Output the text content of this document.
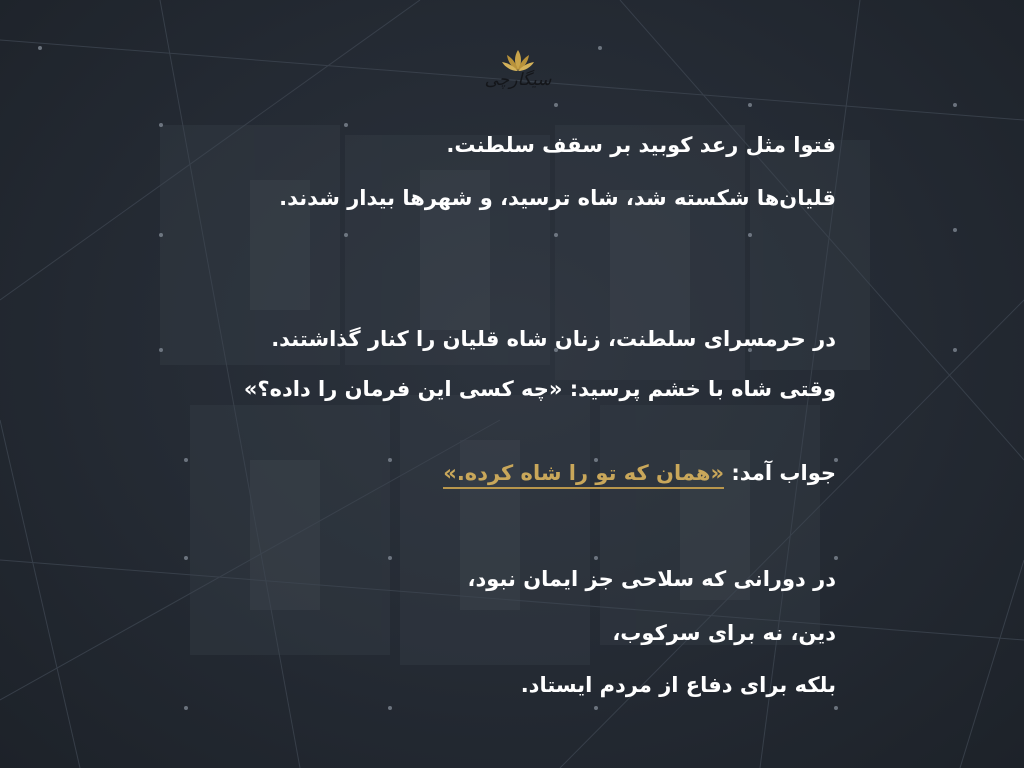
سیگارچی

فتوا مثل رعد کوبید بر سقف سلطنت.

قلیان‌ها شکسته شد، شاه ترسید، و شهرها بیدار شدند.

در حرمسرای سلطنت، زنان شاه قلیان را کنار گذاشتند.

وقتی شاه با خشم پرسید: «چه کسی این فرمان را داده؟»

جواب آمد: «همان که تو را شاه کرده.»

در دورانی که سلاحی جز ایمان نبود،

دین، نه برای سرکوب،

بلکه برای دفاع از مردم ایستاد.
